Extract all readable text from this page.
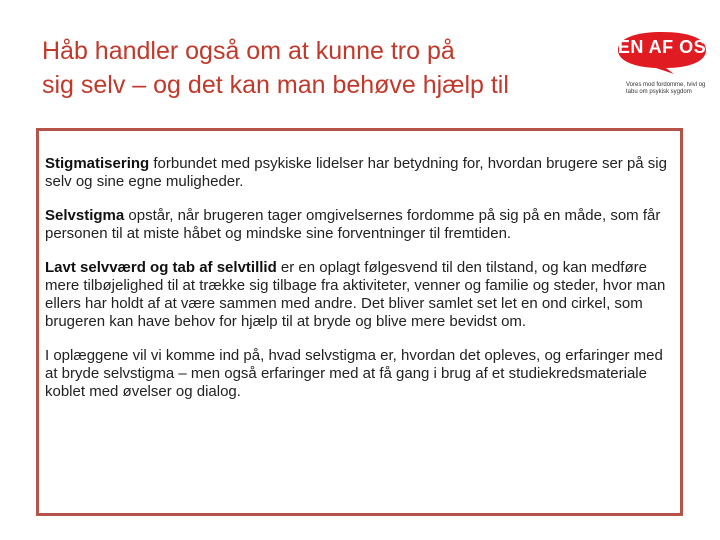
Håb handler også om at kunne tro på
sig selv – og det kan man behøve hjælp til
EN AF OS
Vores mod fordomme, tvivl og tabu om psykisk sygdom

Stigmatisering forbundet med psykiske lidelser har betydning for, hvordan brugere ser på sig selv og sine egne muligheder.

Selvstigma opstår, når brugeren tager omgivelsernes fordomme på sig på en måde, som får personen til at miste håbet og mindske sine forventninger til fremtiden.

Lavt selvværd og tab af selvtillid er en oplagt følgesvend til den tilstand, og kan medføre mere tilbøjelighed til at trække sig tilbage fra aktiviteter, venner og familie og steder, hvor man ellers har holdt af at være sammen med andre. Det bliver samlet set let en ond cirkel, som brugeren kan have behov for hjælp til at bryde og blive mere bevidst om.

I oplæggene vil vi komme ind på, hvad selvstigma er, hvordan det opleves, og erfaringer med at bryde selvstigma – men også erfaringer med at få gang i brug af et studiekredsmateriale koblet med øvelser og dialog.
